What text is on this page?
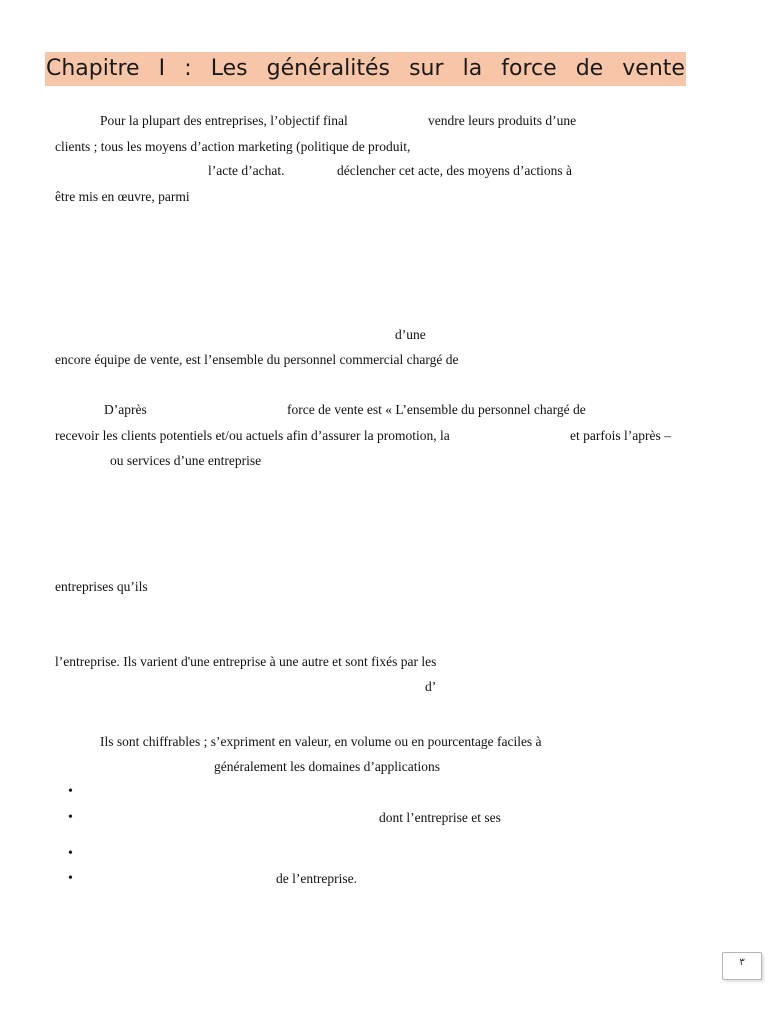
Chapitre I : Les généralités sur la force de vente
Pour la plupart des entreprises, l’objectif final	vendre leurs produits d’une
clients ; tous les moyens d’action marketing (politique de produit,
l’acte d’achat.	déclencher cet acte, des moyens d’actions à
être mis en œuvre, parmi
d’une
encore équipe de vente, est l’ensemble du personnel commercial chargé de
D’après	force de vente est « L’ensemble du personnel chargé de
recevoir les clients potentiels et/ou actuels afin d’assurer la promotion, la	et parfois l’après –
ou services d’une entreprise
entreprises qu’ils
l’entreprise. Ils varient d'une entreprise à une autre et sont fixés par les
d’
Ils sont chiffrables ; s’expriment en valeur, en volume ou en pourcentage faciles à
généralement les domaines d’applications
•
•	dont l’entreprise et ses
•
•	de l’entreprise.
٣
